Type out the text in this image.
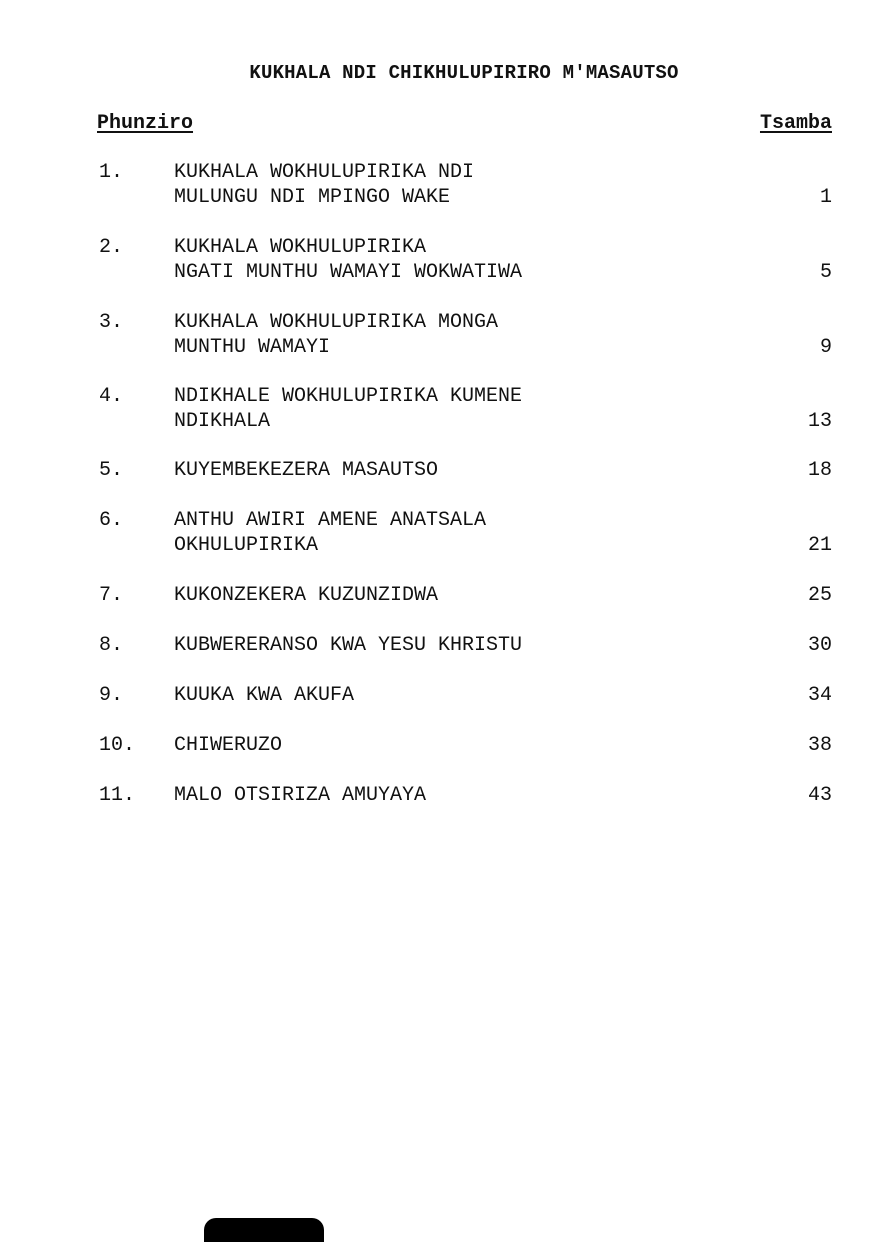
KUKHALA NDI CHIKHULUPIRIRO M'MASAUTSO
Phunziro	Tsamba
1.	KUKHALA WOKHULUPIRIKA NDI
MULUNGU NDI MPINGO WAKE	1
2.	KUKHALA WOKHULUPIRIKA
NGATI MUNTHU WAMAYI WOKWATIWA	5
3.	KUKHALA WOKHULUPIRIKA MONGA
MUNTHU WAMAYI	9
4.	NDIKHALE WOKHULUPIRIKA KUMENE
NDIKHALA	13
5.	KUYEMBEKEZERA MASAUTSO	18
6.	ANTHU AWIRI AMENE ANATSALA
OKHULUPIRIKA	21
7.	KUKONZEKERA KUZUNZIDWA	25
8.	KUBWERERANSO KWA YESU KHRISTU	30
9.	KUUKA KWA AKUFA	34
10. CHIWERUZO	38
11. MALO OTSIRIZA AMUYAYA	43
